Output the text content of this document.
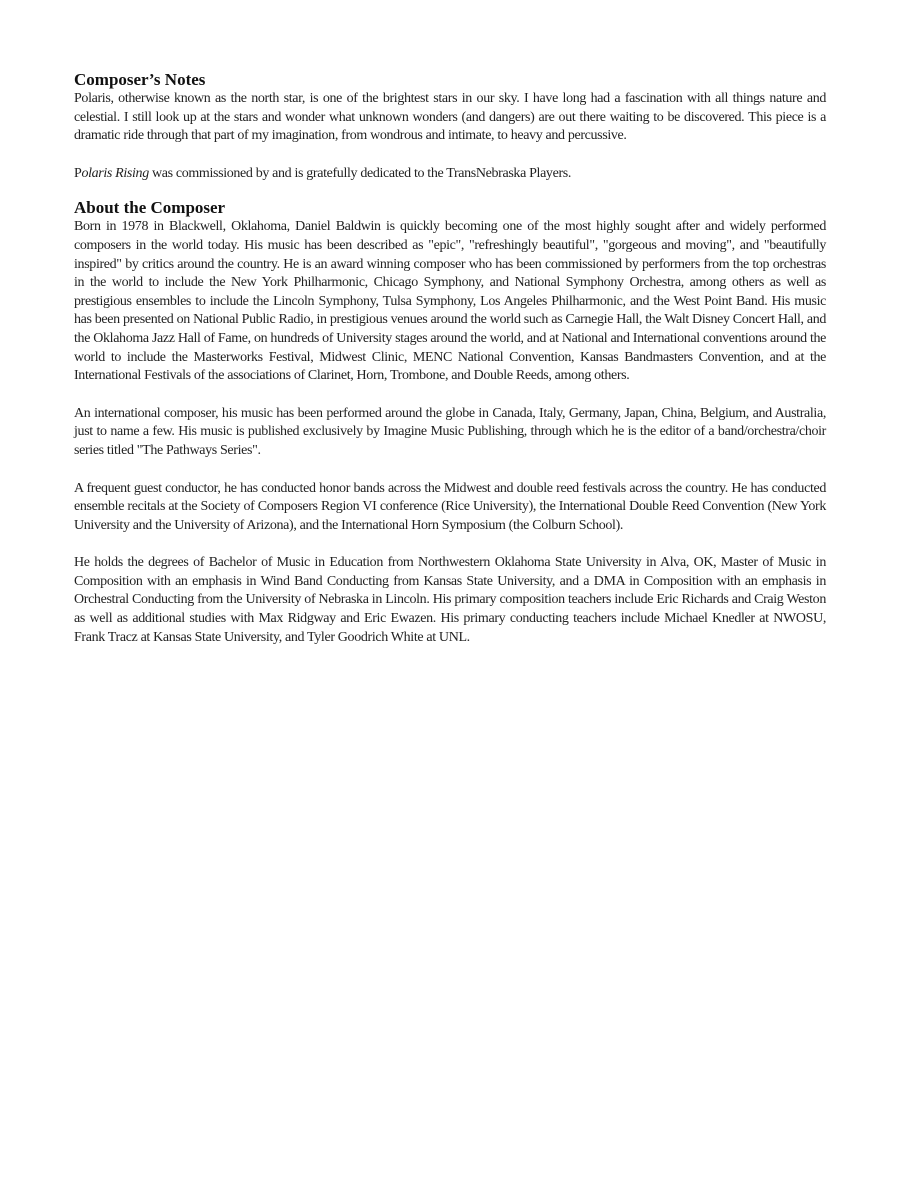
Composer’s Notes

Polaris, otherwise known as the north star, is one of the brightest stars in our sky. I have long had a fascination with all things nature and celestial. I still look up at the stars and wonder what unknown wonders (and dangers) are out there waiting to be discovered. This piece is a dramatic ride through that part of my imagination, from wondrous and intimate, to heavy and percussive.

Polaris Rising was commissioned by and is gratefully dedicated to the TransNebraska Players.

About the Composer

Born in 1978 in Blackwell, Oklahoma, Daniel Baldwin is quickly becoming one of the most highly sought after and widely performed composers in the world today. His music has been described as "epic", "refreshingly beautiful", "gorgeous and moving", and "beautifully inspired" by critics around the country. He is an award winning composer who has been commissioned by performers from the top orchestras in the world to include the New York Philharmonic, Chicago Symphony, and National Symphony Orchestra, among others as well as prestigious ensembles to include the Lincoln Symphony, Tulsa Symphony, Los Angeles Philharmonic, and the West Point Band. His music has been presented on National Public Radio, in prestigious venues around the world such as Carnegie Hall, the Walt Disney Concert Hall, and the Oklahoma Jazz Hall of Fame, on hundreds of University stages around the world, and at National and International conventions around the world to include the Masterworks Festival, Midwest Clinic, MENC National Convention, Kansas Bandmasters Convention, and at the International Festivals of the associations of Clarinet, Horn, Trombone, and Double Reeds, among others.

An international composer, his music has been performed around the globe in Canada, Italy, Germany, Japan, China, Belgium, and Australia, just to name a few. His music is published exclusively by Imagine Music Publishing, through which he is the editor of a band/orchestra/choir series titled "The Pathways Series".

A frequent guest conductor, he has conducted honor bands across the Midwest and double reed festivals across the country. He has conducted ensemble recitals at the Society of Composers Region VI conference (Rice University), the International Double Reed Convention (New York University and the University of Arizona), and the International Horn Symposium (the Colburn School).

He holds the degrees of Bachelor of Music in Education from Northwestern Oklahoma State University in Alva, OK, Master of Music in Composition with an emphasis in Wind Band Conducting from Kansas State University, and a DMA in Composition with an emphasis in Orchestral Conducting from the University of Nebraska in Lincoln. His primary composition teachers include Eric Richards and Craig Weston as well as additional studies with Max Ridgway and Eric Ewazen. His primary conducting teachers include Michael Knedler at NWOSU, Frank Tracz at Kansas State University, and Tyler Goodrich White at UNL.
